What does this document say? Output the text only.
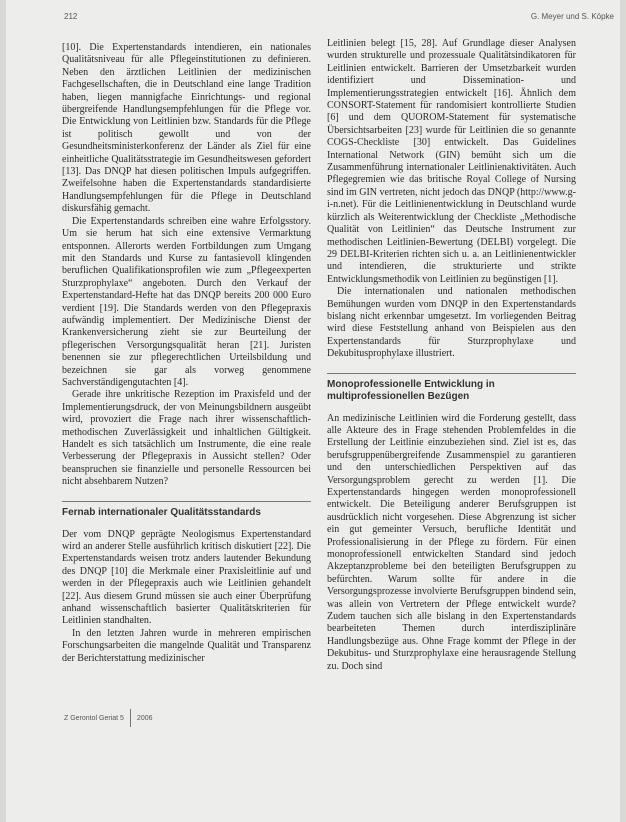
212	G. Meyer und S. Köpke

[10]. Die Expertenstandards intendieren, ein nationales Qualitätsniveau für alle Pflegeinstitutionen zu definieren. Neben den ärztlichen Leitlinien der medizinischen Fachgesellschaften, die in Deutschland eine lange Tradition haben, liegen mannigfache Einrichtungs- und regional übergreifende Handlungsempfehlungen für die Pflege vor. Die Entwicklung von Leitlinien bzw. Standards für die Pflege ist politisch gewollt und von der Gesundheitsministerkonferenz der Länder als Ziel für eine einheitliche Qualitätsstrategie im Gesundheitswesen gefordert [13]. Das DNQP hat diesen politischen Impuls aufgegriffen. Zweifelsohne haben die Expertenstandards standardisierte Handlungsempfehlungen für die Pflege in Deutschland diskursfähig gemacht.

Die Expertenstandards schreiben eine wahre Erfolgsstory. Um sie herum hat sich eine extensive Vermarktung entsponnen. Allerorts werden Fortbildungen zum Umgang mit den Standards und Kurse zu fantasievoll klingenden beruflichen Qualifikationsprofilen wie zum „Pflegeexperten Sturzprophylaxe“ angeboten. Durch den Verkauf der Expertenstandard-Hefte hat das DNQP bereits 200 000 Euro verdient [19]. Die Standards werden von den Pflegepraxis aufwändig implementiert. Der Medizinische Dienst der Krankenversicherung zieht sie zur Beurteilung der pflegerischen Versorgungsqualität heran [21]. Juristen benennen sie zur pflegerechtlichen Urteilsbildung und bezeichnen sie gar als vorweg genommene Sachverständigengutachten [4].

Gerade ihre unkritische Rezeption im Praxisfeld und der Implementierungsdruck, der von Meinungsbildnern ausgeübt wird, provoziert die Frage nach ihrer wissenschaftlich-methodischen Zuverlässigkeit und inhaltlichen Gültigkeit. Handelt es sich tatsächlich um Instrumente, die eine reale Verbesserung der Pflegepraxis in Aussicht stellen? Oder beanspruchen sie finanzielle und personelle Ressourcen bei nicht absehbarem Nutzen?

Fernab internationaler Qualitätsstandards

Der vom DNQP geprägte Neologismus Expertenstandard wird an anderer Stelle ausführlich kritisch diskutiert [22]. Die Expertenstandards weisen trotz anders lautender Bekundung des DNQP [10] die Merkmale einer Praxisleitlinie auf und werden in der Pflegepraxis auch wie Leitlinien gehandelt [22]. Aus diesem Grund müssen sie auch einer Überprüfung anhand wissenschaftlich basierter Qualitätskriterien für Leitlinien standhalten.

In den letzten Jahren wurde in mehreren empirischen Forschungsarbeiten die mangelnde Qualität und Transparenz der Berichterstattung medizinischer

Leitlinien belegt [15, 28]. Auf Grundlage dieser Analysen wurden strukturelle und prozessuale Qualitätsindikatoren für Leitlinien entwickelt. Barrieren der Umsetzbarkeit wurden identifiziert und Dissemination- und Implementierungsstrategien entwickelt [16]. Ähnlich dem CONSORT-Statement für randomisiert kontrollierte Studien [6] und dem QUOROM-Statement für systematische Übersichtsarbeiten [23] wurde für Leitlinien die so genannte COGS-Checkliste [30] entwickelt. Das Guidelines International Network (GIN) bemüht sich um die Zusammenführung internationaler Leitlinienaktivitäten. Auch Pflegegremien wie das britische Royal College of Nursing sind im GIN vertreten, nicht jedoch das DNQP (http://www.g-i-n.net). Für die Leitlinienentwicklung in Deutschland wurde kürzlich als Weiterentwicklung der Checkliste „Methodische Qualität von Leitlinien“ das Deutsche Instrument zur methodischen Leitlinien-Bewertung (DELBI) vorgelegt. Die 29 DELBI-Kriterien richten sich u. a. an Leitlinienentwickler und intendieren, die strukturierte und strikte Entwicklungsmethodik von Leitlinien zu begünstigen [1].

Die internationalen und nationalen methodischen Bemühungen wurden vom DNQP in den Expertenstandards bislang nicht erkennbar umgesetzt. Im vorliegenden Beitrag wird diese Feststellung anhand von Beispielen aus den Expertenstandards für Sturzprophylaxe und Dekubitusprophylaxe illustriert.

Monoprofessionelle Entwicklung in multiprofessionellen Bezügen

An medizinische Leitlinien wird die Forderung gestellt, dass alle Akteure des in Frage stehenden Problemfeldes in die Erstellung der Leitlinie einzubeziehen sind. Ziel ist es, das berufsgruppenübergreifende Zusammenspiel zu garantieren und den unterschiedlichen Perspektiven auf das Versorgungsproblem gerecht zu werden [1]. Die Expertenstandards hingegen werden monoprofessionell entwickelt. Die Beteiligung anderer Berufsgruppen ist ausdrücklich nicht vorgesehen. Diese Abgrenzung ist sicher ein gut gemeinter Versuch, berufliche Identität und Professionalisierung in der Pflege zu fördern. Für einen monoprofessionell entwickelten Standard sind jedoch Akzeptanzprobleme bei den beteiligten Berufsgruppen zu befürchten. Warum sollte für andere in die Versorgungsprozesse involvierte Berufsgruppen bindend sein, was allein von Vertretern der Pflege entwickelt wurde? Zudem tauchen sich alle bislang in den Expertenstandards bearbeiteten Themen durch interdisziplinäre Handlungsbezüge aus. Ohne Frage kommt der Pflege in der Dekubitus- und Sturzprophylaxe eine herausragende Stellung zu. Doch sind

Z Gerontol Geriat 5 2006
